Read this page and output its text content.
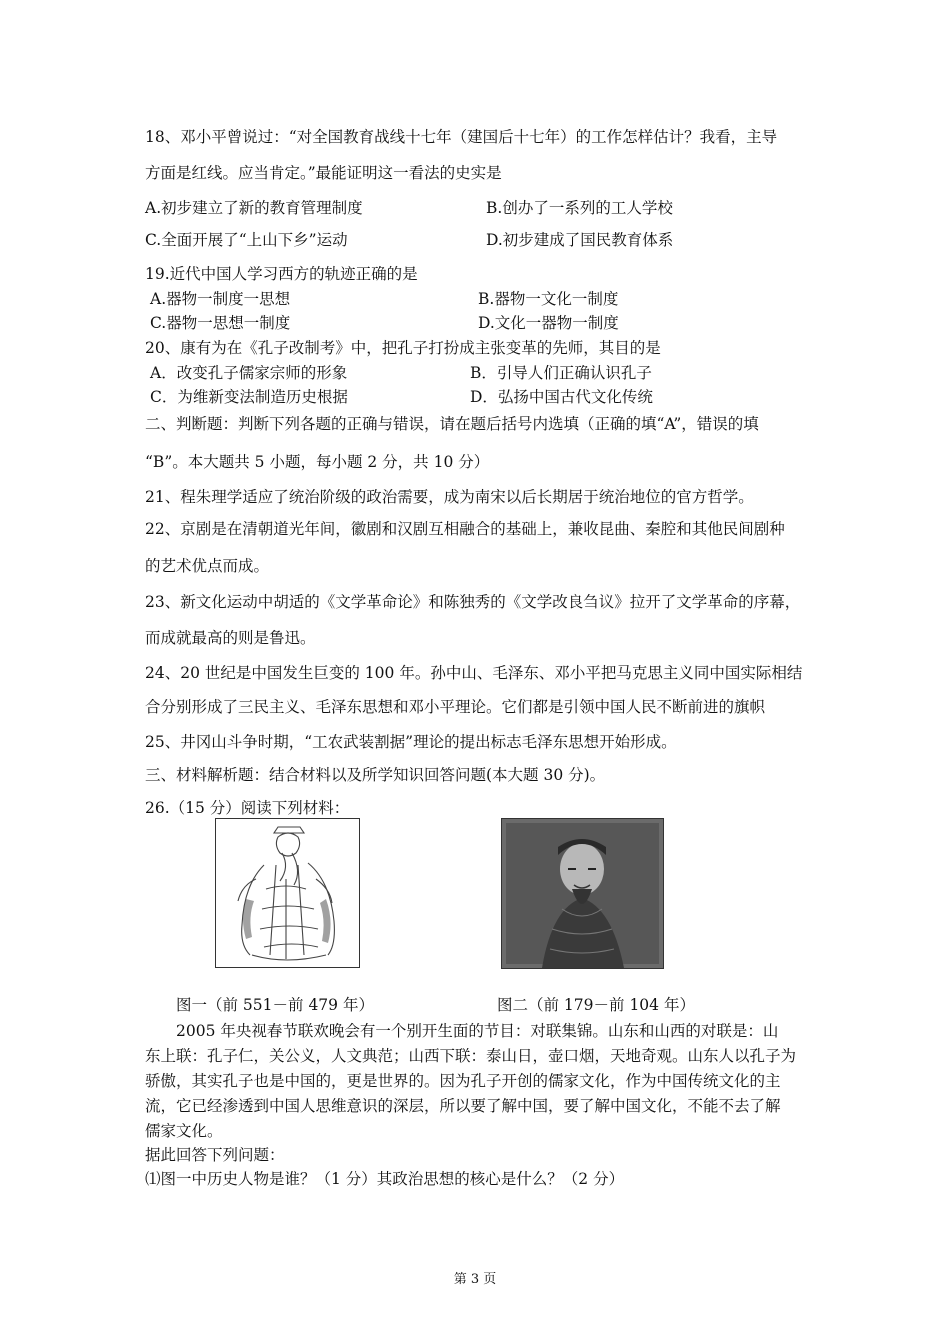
18、邓小平曾说过：“对全国教育战线十七年（建国后十七年）的工作怎样估计？我看，主导
方面是红线。应当肯定。”最能证明这一看法的史实是
A.初步建立了新的教育管理制度	B.创办了一系列的工人学校
C.全面开展了“上山下乡”运动	D.初步建成了国民教育体系
19.近代中国人学习西方的轨迹正确的是
A.器物一制度一思想	B.器物一文化一制度
C.器物一思想一制度	D.文化一器物一制度
20、康有为在《孔子改制考》中，把孔子打扮成主张变革的先师，其目的是
A．改变孔子儒家宗师的形象	B．引导人们正确认识孔子
C．为维新变法制造历史根据	D．弘扬中国古代文化传统
二、判断题：判断下列各题的正确与错误，请在题后括号内选填（正确的填“A”，错误的填
“B”。本大题共 5 小题，每小题 2 分，共 10 分）
21、程朱理学适应了统治阶级的政治需要，成为南宋以后长期居于统治地位的官方哲学。
22、京剧是在清朝道光年间，徽剧和汉剧互相融合的基础上，兼收昆曲、秦腔和其他民间剧种
的艺术优点而成。
23、新文化运动中胡适的《文学革命论》和陈独秀的《文学改良刍议》拉开了文学革命的序幕，
而成就最高的则是鲁迅。
24、20 世纪是中国发生巨变的 100 年。孙中山、毛泽东、邓小平把马克思主义同中国实际相结
合分别形成了三民主义、毛泽东思想和邓小平理论。它们都是引领中国人民不断前进的旗帜
25、井冈山斗争时期，“工农武装割据”理论的提出标志毛泽东思想开始形成。
三、材料解析题：结合材料以及所学知识回答问题(本大题 30 分)。
26.（15 分）阅读下列材料：
图一（前 551－前 479 年）	图二（前 179－前 104 年）
2005 年央视春节联欢晚会有一个别开生面的节目：对联集锦。山东和山西的对联是：山
东上联：孔子仁，关公义，人文典范；山西下联：泰山日，壶口烟，天地奇观。山东人以孔子为
骄傲，其实孔子也是中国的，更是世界的。因为孔子开创的儒家文化，作为中国传统文化的主
流，它已经渗透到中国人思维意识的深层，所以要了解中国，要了解中国文化，不能不去了解
儒家文化。
据此回答下列问题：
⑴图一中历史人物是谁？（1 分）其政治思想的核心是什么？（2 分）
第 3 页
